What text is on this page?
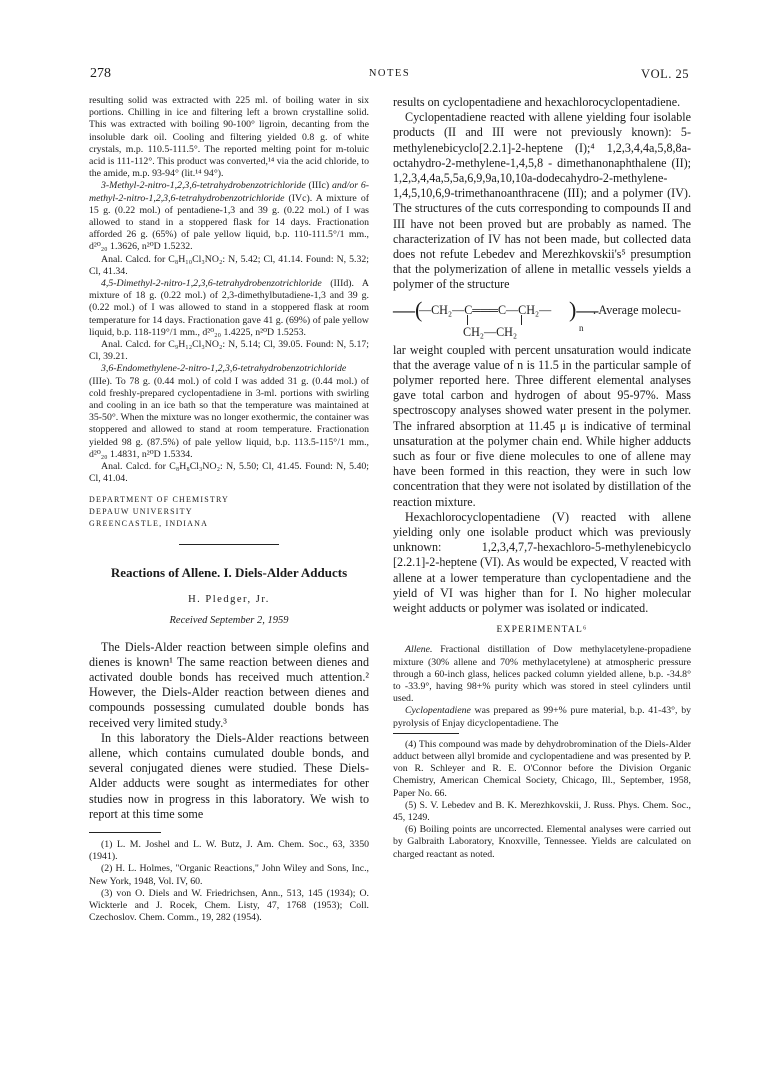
278	NOTES	VOL. 25

resulting solid was extracted with 225 ml. of boiling water in six portions. Chilling in ice and filtering left a brown crystalline solid. This was extracted with boiling 90-100° ligroin, decanting from the insoluble dark oil. Cooling and filtering yielded 0.8 g. of white crystals, m.p. 110.5-111.5°. The reported melting point for m-toluic acid is 111-112°. This product was converted,¹⁴ via the acid chloride, to the amide, m.p. 93-94° (lit.¹⁴ 94°).

3-Methyl-2-nitro-1,2,3,6-tetrahydrobenzotrichloride (IIIc) and/or 6-methyl-2-nitro-1,2,3,6-tetrahydrobenzotrichloride (IVc). A mixture of 15 g. (0.22 mol.) of pentadiene-1,3 and 39 g. (0.22 mol.) of I was allowed to stand in a stoppered flask for 14 days. Fractionation afforded 26 g. (65%) of pale yellow liquid, b.p. 110-111.5°/1 mm., d²⁰₂₀ 1.3626, n²⁰D 1.5232.

Anal. Calcd. for C₈H₁₀Cl₃NO₂: N, 5.42; Cl, 41.14. Found: N, 5.32; Cl, 41.34.

4,5-Dimethyl-2-nitro-1,2,3,6-tetrahydrobenzotrichloride (IIId). A mixture of 18 g. (0.22 mol.) of 2,3-dimethylbutadiene-1,3 and 39 g. (0.22 mol.) of I was allowed to stand in a stoppered flask at room temperature for 14 days. Fractionation gave 41 g. (69%) of pale yellow liquid, b.p. 118-119°/1 mm., d²⁰₂₀ 1.4225, n²⁰D 1.5253.

Anal. Calcd. for C₉H₁₂Cl₃NO₂: N, 5.14; Cl, 39.05. Found: N, 5.17; Cl, 39.21.

3,6-Endomethylene-2-nitro-1,2,3,6-tetrahydrobenzotrichloride (IIIe). To 78 g. (0.44 mol.) of cold I was added 31 g. (0.44 mol.) of cold freshly-prepared cyclopentadiene in 3-ml. portions with swirling and cooling in an ice bath so that the temperature was maintained at 35-50°. When the mixture was no longer exothermic, the container was stoppered and allowed to stand at room temperature. Fractionation yielded 98 g. (87.5%) of pale yellow liquid, b.p. 113.5-115°/1 mm., d²⁰₂₀ 1.4831, n²⁰D 1.5334.

Anal. Calcd. for C₈H₈Cl₃NO₂: N, 5.50; Cl, 41.45. Found: N, 5.40; Cl, 41.04.

DEPARTMENT OF CHEMISTRY
DEPAUW UNIVERSITY
GREENCASTLE, INDIANA
Reactions of Allene. I. Diels-Alder Adducts
H. Pledger, Jr.
Received September 2, 1959

The Diels-Alder reaction between simple olefins and dienes is known¹ The same reaction between dienes and activated double bonds has received much attention.² However, the Diels-Alder reaction between dienes and compounds possessing cumulated double bonds has received very limited study.³

In this laboratory the Diels-Alder reactions between allene, which contains cumulated double bonds, and several conjugated dienes were studied. These Diels-Alder adducts were sought as intermediates for other studies now in progress in this laboratory. We wish to report at this time some

(1) L. M. Joshel and L. W. Butz, J. Am. Chem. Soc., 63, 3350 (1941).

(2) H. L. Holmes, "Organic Reactions," John Wiley and Sons, Inc., New York, 1948, Vol. IV, 60.

(3) von O. Diels and W. Friedrichsen, Ann., 513, 145 (1934); O. Wickterle and J. Rocek, Chem. Listy, 47, 1768 (1953); Coll. Czechoslov. Chem. Comm., 19, 282 (1954).

results on cyclopentadiene and hexachlorocyclopentadiene.

Cyclopentadiene reacted with allene yielding four isolable products (II and III were not previously known): 5-methylenebicyclo[2.2.1]-2-heptene (I);⁴ 1,2,3,4,4a,5,8,8a-octahydro-2-methylene-1,4,5,8 - dimethanonaphthalene (II); 1,2,3,4,4a,5,5a,6,9,9a,10,10a-dodecahydro-2-methylene-1,4,5,10,6,9-trimethanoanthracene (III); and a polymer (IV). The structures of the cuts corresponding to compounds II and III have not been proved but are probably as named. The characterization of IV has not been made, but collected data does not refute Lebedev and Merezhkovskii's⁵ presumption that the polymerization of allene in metallic vessels yields a polymer of the structure

—(
—CH₂—C═══C—CH₂— )—
n
. Average molecu-
CH₂—CH₂

lar weight coupled with percent unsaturation would indicate that the average value of n is 11.5 in the particular sample of polymer reported here. Three different elemental analyses gave total carbon and hydrogen of about 95-97%. Mass spectroscopy analyses showed water present in the polymer. The infrared absorption at 11.45 μ is indicative of terminal unsaturation at the polymer chain end. While higher adducts such as four or five diene molecules to one of allene may have been formed in this reaction, they were in such low concentration that they were not isolated by distillation of the reaction mixture.

Hexachlorocyclopentadiene (V) reacted with allene yielding only one isolable product which was previously unknown: 1,2,3,4,7,7-hexachloro-5-methylenebicyclo [2.2.1]-2-heptene (VI). As would be expected, V reacted with allene at a lower temperature than cyclopentadiene and the yield of VI was higher than for I. No higher molecular weight adducts or polymer was isolated or indicated.

EXPERIMENTAL⁶

Allene. Fractional distillation of Dow methylacetylene-propadiene mixture (30% allene and 70% methylacetylene) at atmospheric pressure through a 60-inch glass, helices packed column yielded allene, b.p. -34.8° to -33.9°, having 98+% purity which was stored in steel cylinders until used.

Cyclopentadiene was prepared as 99+% pure material, b.p. 41-43°, by pyrolysis of Enjay dicyclopentadiene. The

(4) This compound was made by dehydrobromination of the Diels-Alder adduct between allyl bromide and cyclopentadiene and was presented by P. von R. Schleyer and R. E. O'Connor before the Division Organic Chemistry, American Chemical Society, Chicago, Ill., September, 1958, Paper No. 66.

(5) S. V. Lebedev and B. K. Merezhkovskii, J. Russ. Phys. Chem. Soc., 45, 1249.

(6) Boiling points are uncorrected. Elemental analyses were carried out by Galbraith Laboratory, Knoxville, Tennessee. Yields are calculated on charged reactant as noted.
